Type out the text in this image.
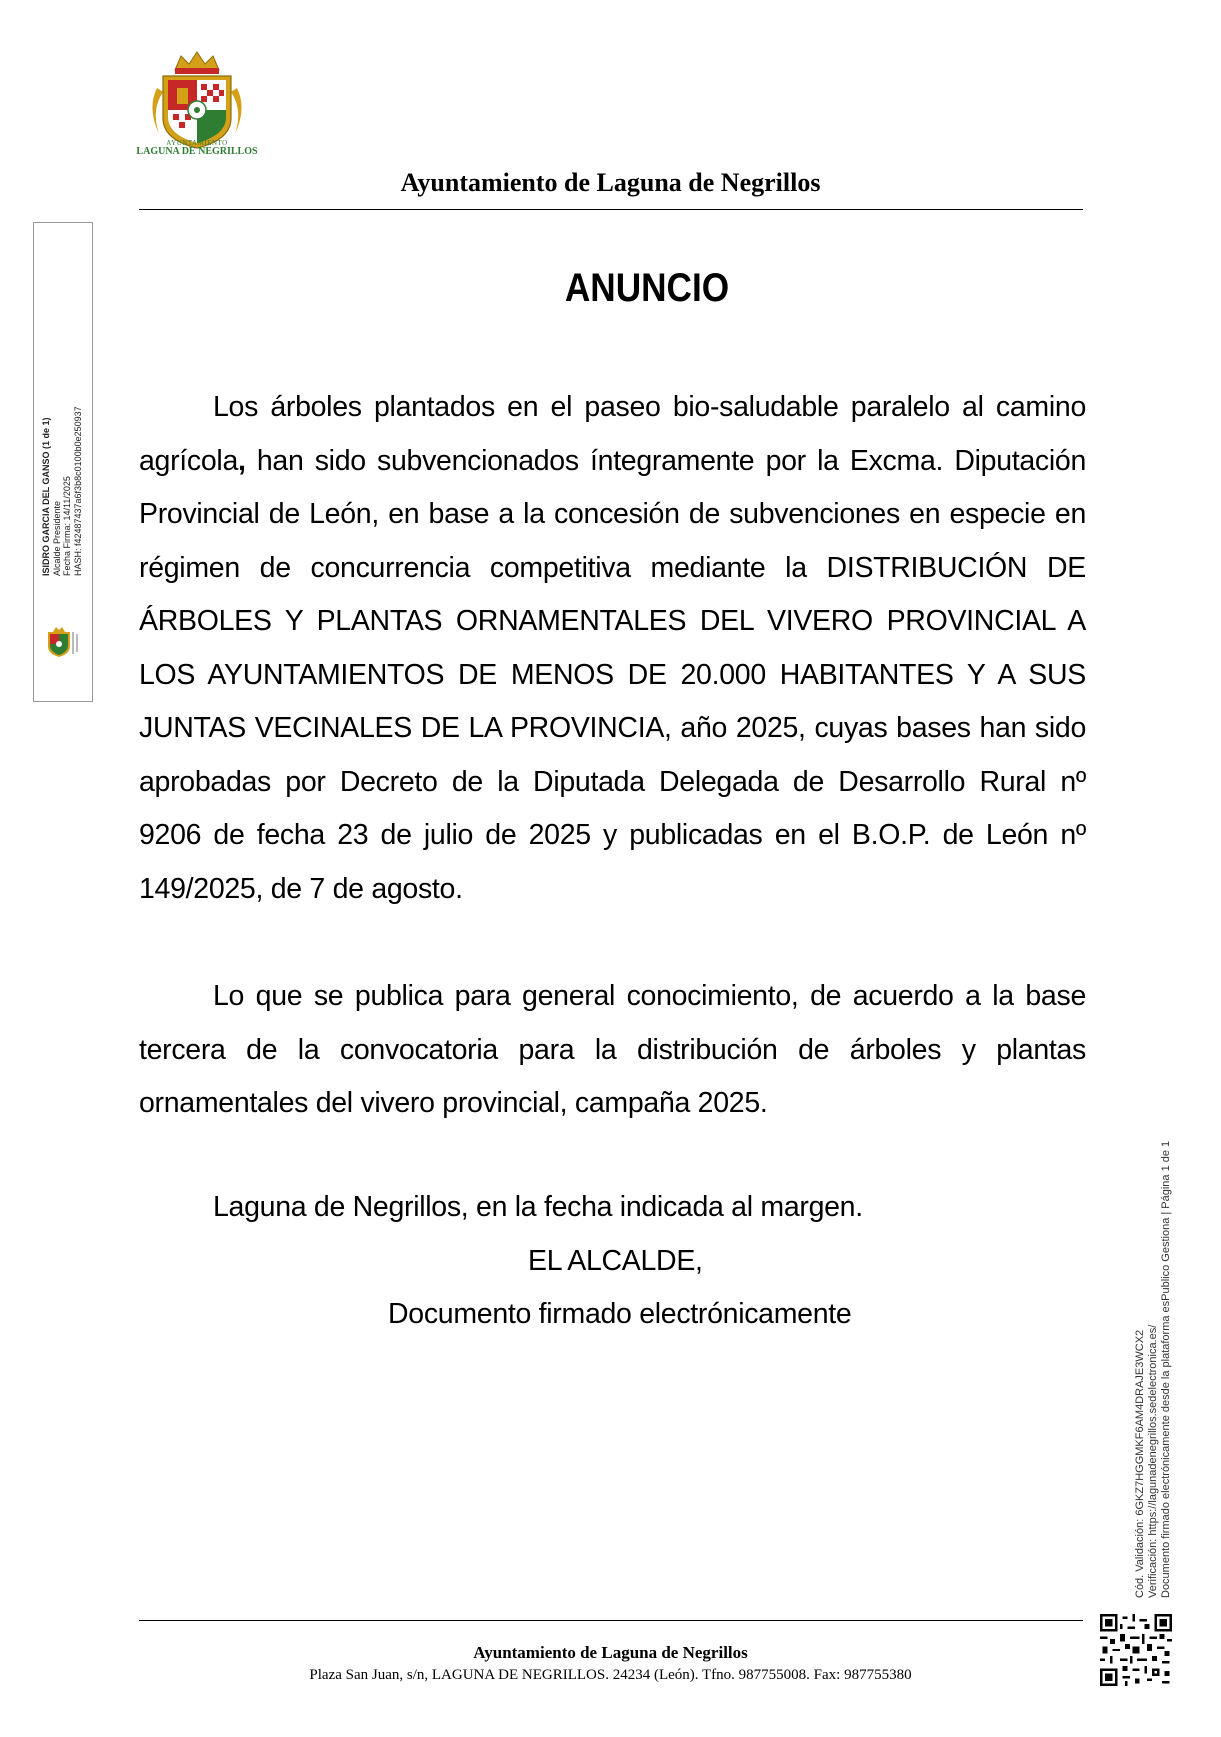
AYUNTAMIENTO
LAGUNA DE NEGRILLOS
Ayuntamiento de Laguna de Negrillos
ISIDRO GARCIA DEL GANSO (1 de 1)
Alcalde Presidente
Fecha Firma: 14/11/2025
HASH: f42487437a6f3b8c0100b0e250937
ANUNCIO
Los árboles plantados en el paseo bio-saludable paralelo al camino agrícola, han sido subvencionados íntegramente por la Excma. Diputación Provincial de León, en base a la concesión de subvenciones en especie en régimen de concurrencia competitiva mediante la DISTRIBUCIÓN DE ÁRBOLES Y PLANTAS ORNAMENTALES DEL VIVERO PROVINCIAL A LOS AYUNTAMIENTOS DE MENOS DE 20.000 HABITANTES Y A SUS JUNTAS VECINALES DE LA PROVINCIA, año 2025, cuyas bases han sido aprobadas por Decreto de la Diputada Delegada de Desarrollo Rural nº 9206 de fecha 23 de julio de 2025 y publicadas en el B.O.P. de León nº 149/2025, de 7 de agosto.
Lo que se publica para general conocimiento, de acuerdo a la base tercera de la convocatoria para la distribución de árboles y plantas ornamentales del vivero provincial, campaña 2025.
Laguna de Negrillos, en la fecha indicada al margen.
EL ALCALDE,
Documento firmado electrónicamente
Cód. Validación: 6GKZ7HGGMKF6AM4DRAJE3WCX2
Verificación: https://lagunadenegrillos.sedelectronica.es/
Documento firmado electrónicamente desde la plataforma esPublico Gestiona | Página 1 de 1
Ayuntamiento de Laguna de Negrillos
Plaza San Juan, s/n, LAGUNA DE NEGRILLOS. 24234 (León). Tfno. 987755008. Fax: 987755380
